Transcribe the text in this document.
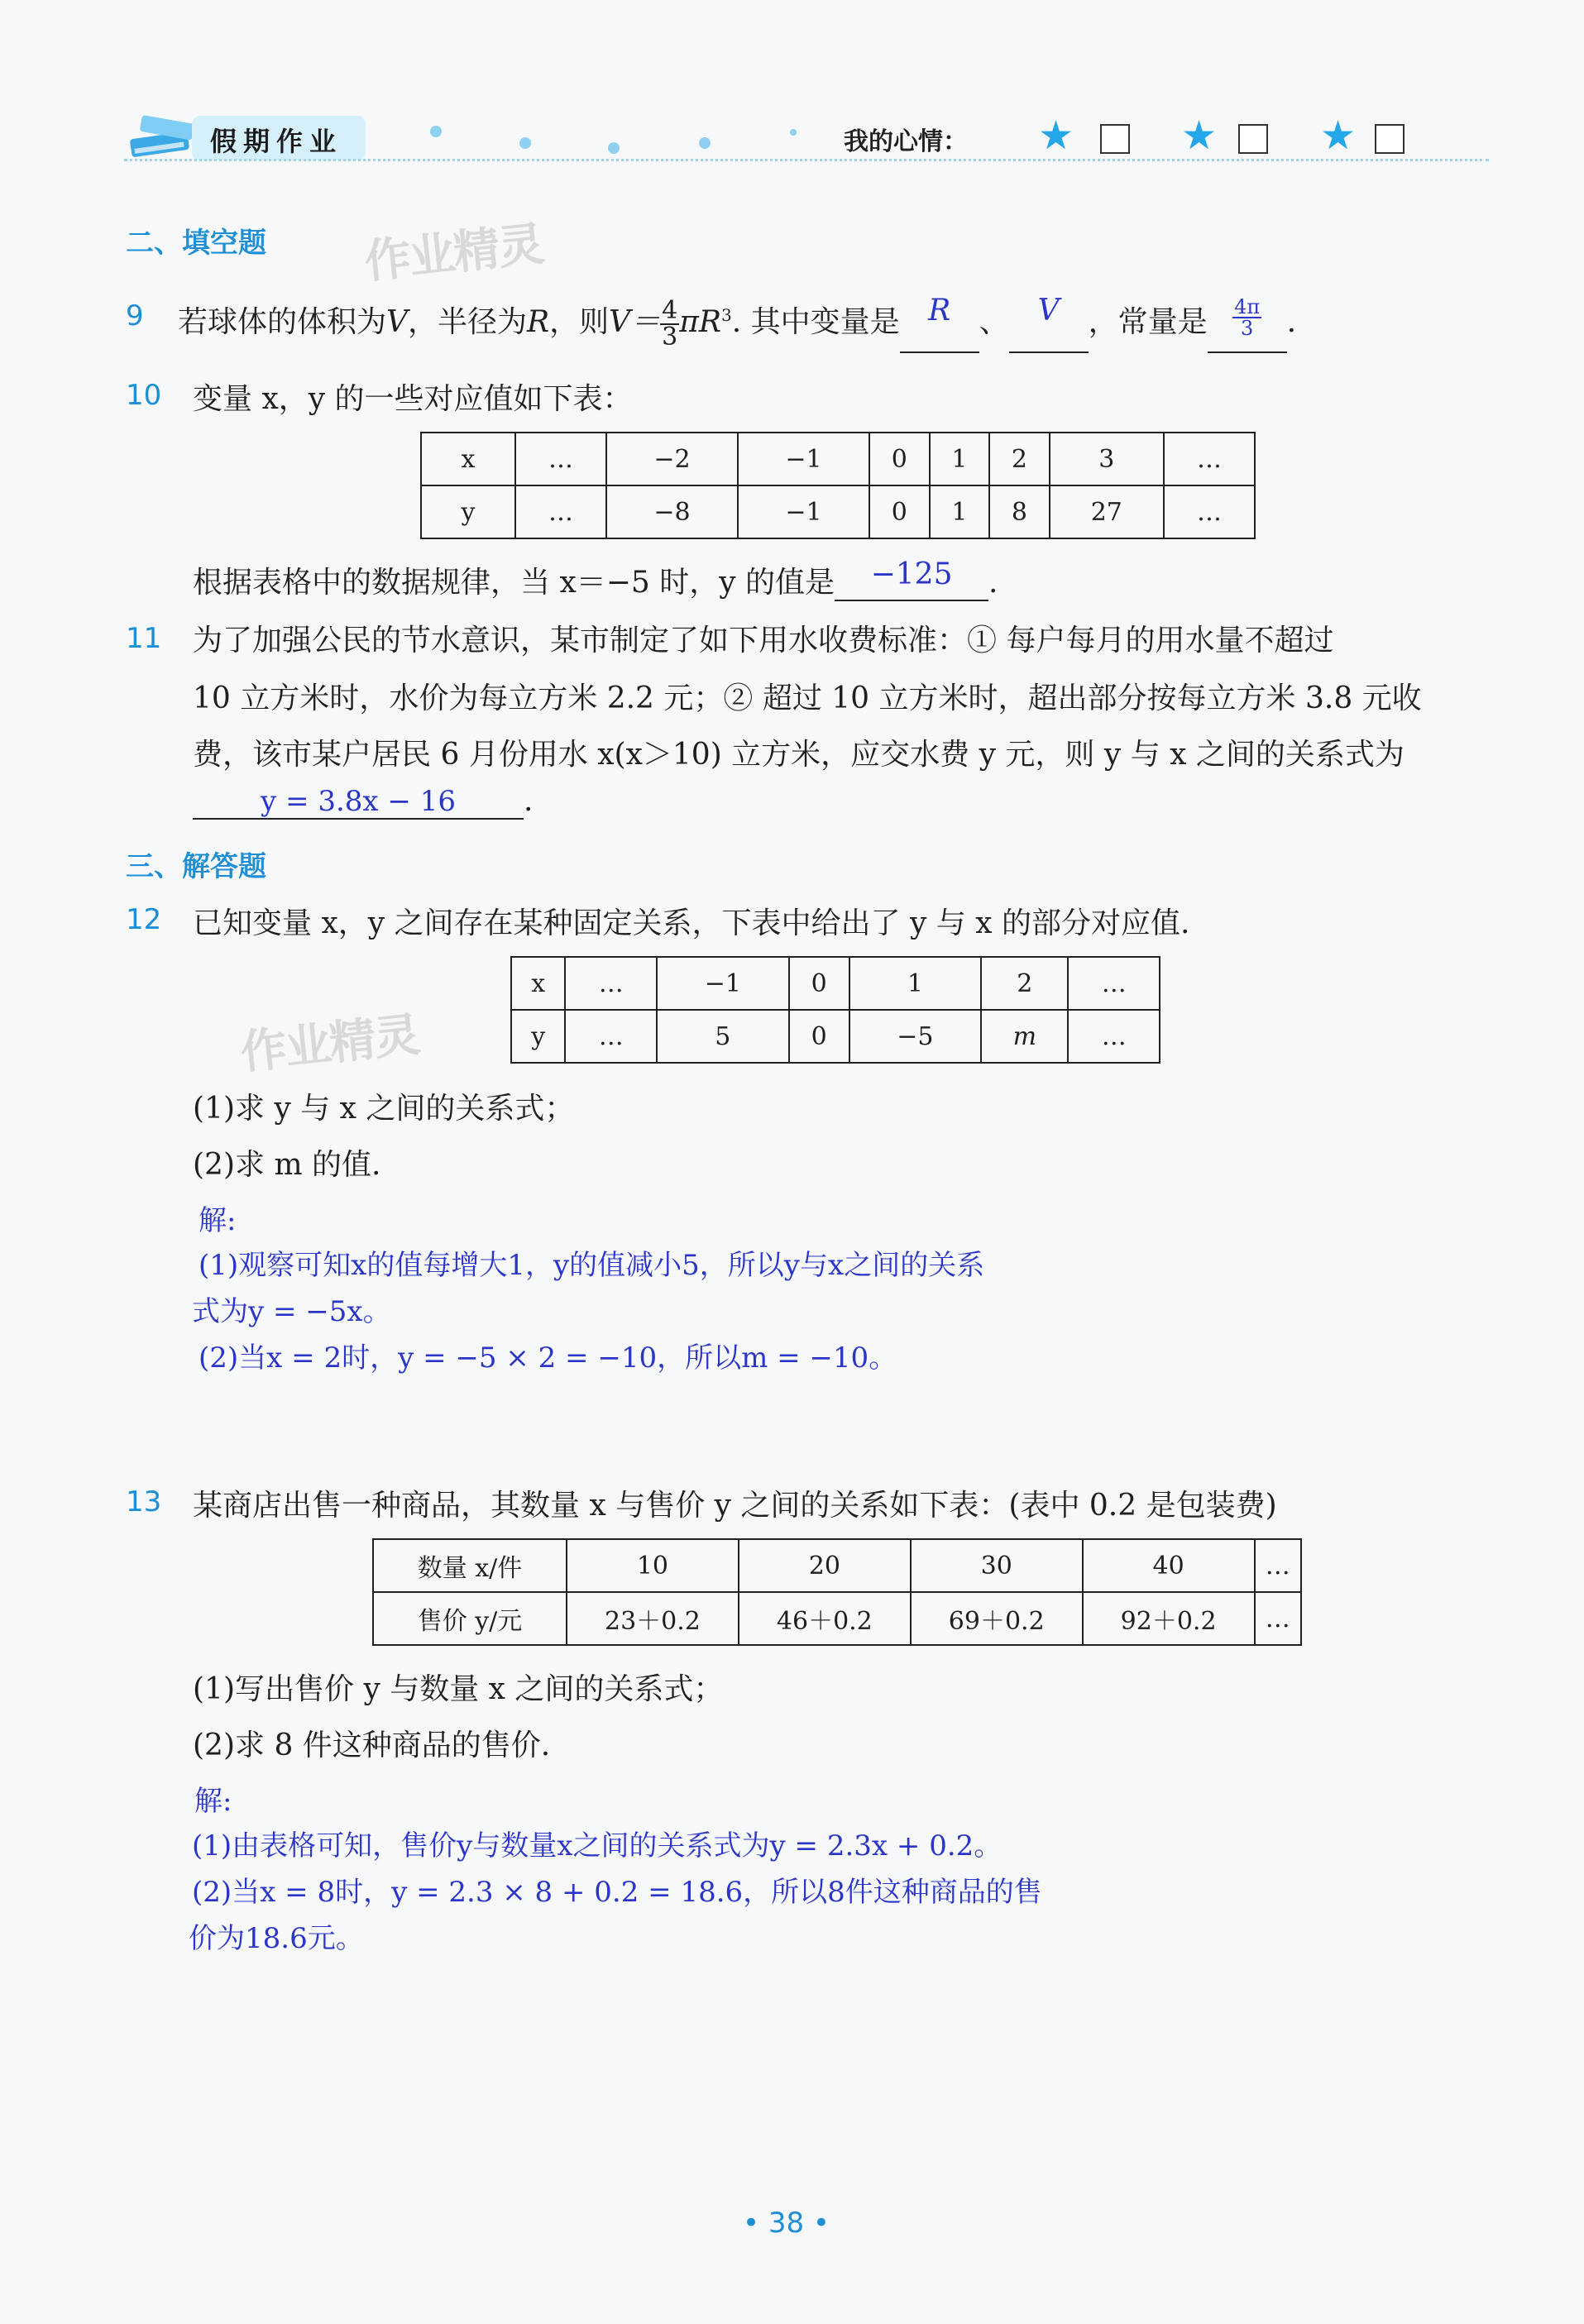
假期作业	我的心情： ★	★	★
作业精灵
作业精灵
二、填空题
9 若球体的体积为V，半径为R，则$V= \frac{4}{3} \pi R^3$. 其中变量是 R 、 V ，常量是 $\frac{4\pi}{3}$ .
10 变量 x，y 的一些对应值如下表：
x	…	−2	−1	0	1	2	3	…
y	…	−8	−1	0	1	8	27	…
根据表格中的数据规律，当 x＝−5 时，y 的值是 −125 .
11 为了加强公民的节水意识，某市制定了如下用水收费标准：① 每户每月的用水量不超过
10 立方米时，水价为每立方米 2.2 元；② 超过 10 立方米时，超出部分按每立方米 3.8 元收
费，该市某户居民 6 月份用水 x(x＞10) 立方米，应交水费 y 元，则 y 与 x 之间的关系式为
y = 3.8x − 16 .
三、解答题
12 已知变量 x，y 之间存在某种固定关系，下表中给出了 y 与 x 的部分对应值.
x	…	−1	0	1	2	…
y	…	5	0	−5	m	…
(1)求 y 与 x 之间的关系式；
(2)求 m 的值.
解:
(1)观察可知x的值每增大1，y的值减小5，所以y与x之间的关系
式为y = −5x。
(2)当x = 2时，y = −5 × 2 = −10，所以m = −10。
13 某商店出售一种商品，其数量 x 与售价 y 之间的关系如下表：(表中 0.2 是包装费)
数量 x/件	10	20	30	40	…
售价 y/元	23＋0.2	46＋0.2	69＋0.2	92＋0.2	…
(1)写出售价 y 与数量 x 之间的关系式；
(2)求 8 件这种商品的售价.
解:
(1)由表格可知，售价y与数量x之间的关系式为y = 2.3x + 0.2。
(2)当x = 8时，y = 2.3 × 8 + 0.2 = 18.6，所以8件这种商品的售
价为18.6元。
• 38 •
